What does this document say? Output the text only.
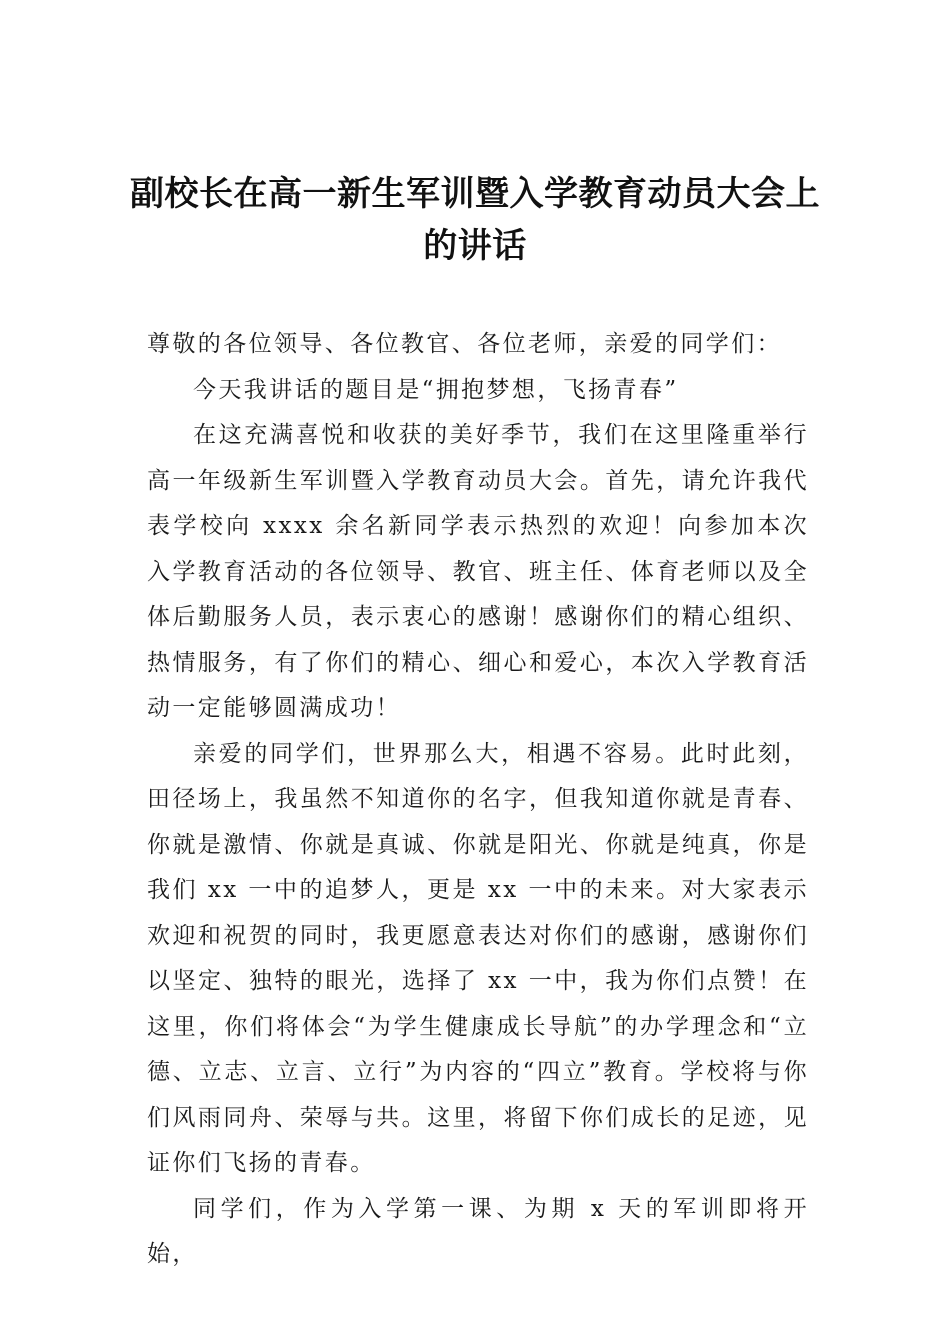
副校长在高一新生军训暨入学教育动员大会上的讲话

尊敬的各位领导、各位教官、各位老师，亲爱的同学们：

今天我讲话的题目是“拥抱梦想，飞扬青春”

在这充满喜悦和收获的美好季节，我们在这里隆重举行高一年级新生军训暨入学教育动员大会。首先，请允许我代表学校向 xxxx 余名新同学表示热烈的欢迎！向参加本次入学教育活动的各位领导、教官、班主任、体育老师以及全体后勤服务人员，表示衷心的感谢！感谢你们的精心组织、热情服务，有了你们的精心、细心和爱心，本次入学教育活动一定能够圆满成功！

亲爱的同学们，世界那么大，相遇不容易。此时此刻，田径场上，我虽然不知道你的名字，但我知道你就是青春、你就是激情、你就是真诚、你就是阳光、你就是纯真，你是我们 xx 一中的追梦人，更是 xx 一中的未来。对大家表示欢迎和祝贺的同时，我更愿意表达对你们的感谢，感谢你们以坚定、独特的眼光，选择了 xx 一中，我为你们点赞！在这里，你们将体会“为学生健康成长导航”的办学理念和“立德、立志、立言、立行”为内容的“四立”教育。学校将与你们风雨同舟、荣辱与共。这里，将留下你们成长的足迹，见证你们飞扬的青春。

同学们，作为入学第一课、为期 x 天的军训即将开始，
